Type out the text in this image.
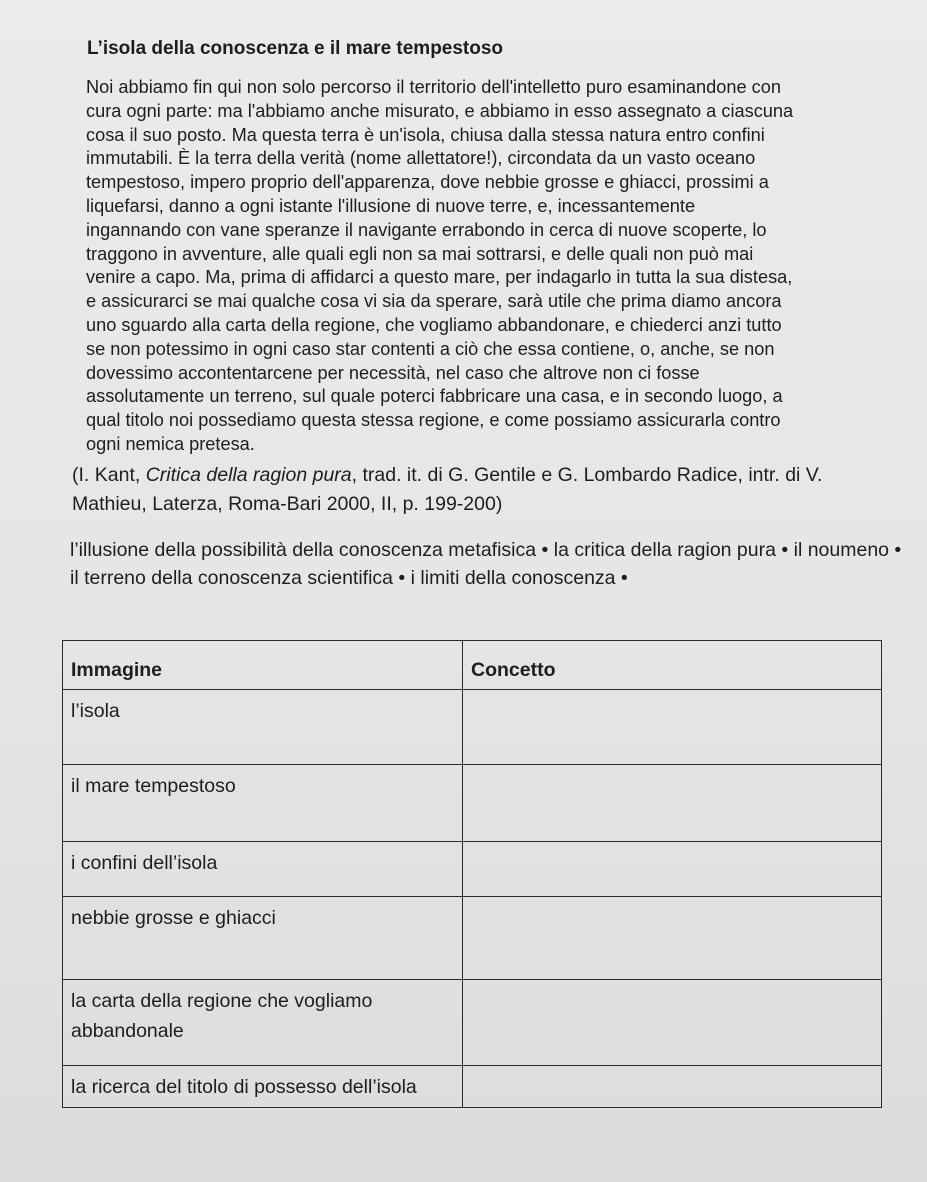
L’isola della conoscenza e il mare tempestoso
Noi abbiamo fin qui non solo percorso il territorio dell'intelletto puro esaminandone con
cura ogni parte: ma l'abbiamo anche misurato, e abbiamo in esso assegnato a ciascuna
cosa il suo posto. Ma questa terra è un'isola, chiusa dalla stessa natura entro confini
immutabili. È la terra della verità (nome allettatore!), circondata da un vasto oceano
tempestoso, impero proprio dell'apparenza, dove nebbie grosse e ghiacci, prossimi a
liquefarsi, danno a ogni istante l'illusione di nuove terre, e, incessantemente
ingannando con vane speranze il navigante errabondo in cerca di nuove scoperte, lo
traggono in avventure, alle quali egli non sa mai sottrarsi, e delle quali non può mai
venire a capo. Ma, prima di affidarci a questo mare, per indagarlo in tutta la sua distesa,
e assicurarci se mai qualche cosa vi sia da sperare, sarà utile che prima diamo ancora
uno sguardo alla carta della regione, che vogliamo abbandonare, e chiederci anzi tutto
se non potessimo in ogni caso star contenti a ciò che essa contiene, o, anche, se non
dovessimo accontentarcene per necessità, nel caso che altrove non ci fosse
assolutamente un terreno, sul quale poterci fabbricare una casa, e in secondo luogo, a
qual titolo noi possediamo questa stessa regione, e come possiamo assicurarla contro
ogni nemica pretesa.
(I. Kant, Critica della ragion pura, trad. it. di G. Gentile e G. Lombardo Radice, intr. di V. Mathieu, Laterza, Roma-Bari 2000, II, p. 199-200)
l’illusione della possibilità della conoscenza metafisica • la critica della ragion pura • il noumeno • il terreno della conoscenza scientifica • i limiti della conoscenza •
Immagine	Concetto
l’isola	
il mare tempestoso	
i confini dell’isola	
nebbie grosse e ghiacci	
la carta della regione che vogliamo abbandonale	
la ricerca del titolo di possesso dell’isola	
